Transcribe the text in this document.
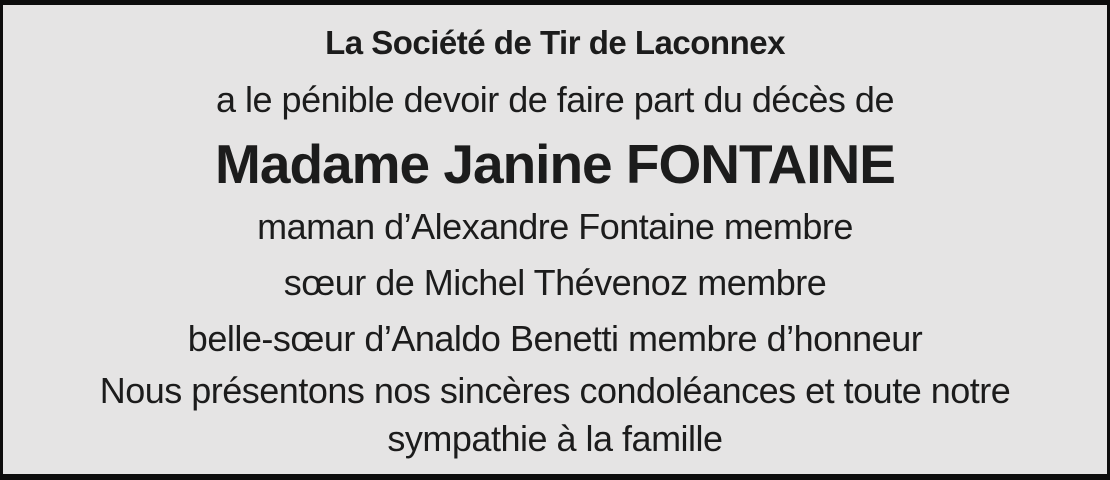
La Société de Tir de Laconnex
a le pénible devoir de faire part du décès de
Madame Janine FONTAINE
maman d’Alexandre Fontaine membre
sœur de Michel Thévenoz membre
belle-sœur d’Analdo Benetti membre d’honneur
Nous présentons nos sincères condoléances et toute notre sympathie à la famille
